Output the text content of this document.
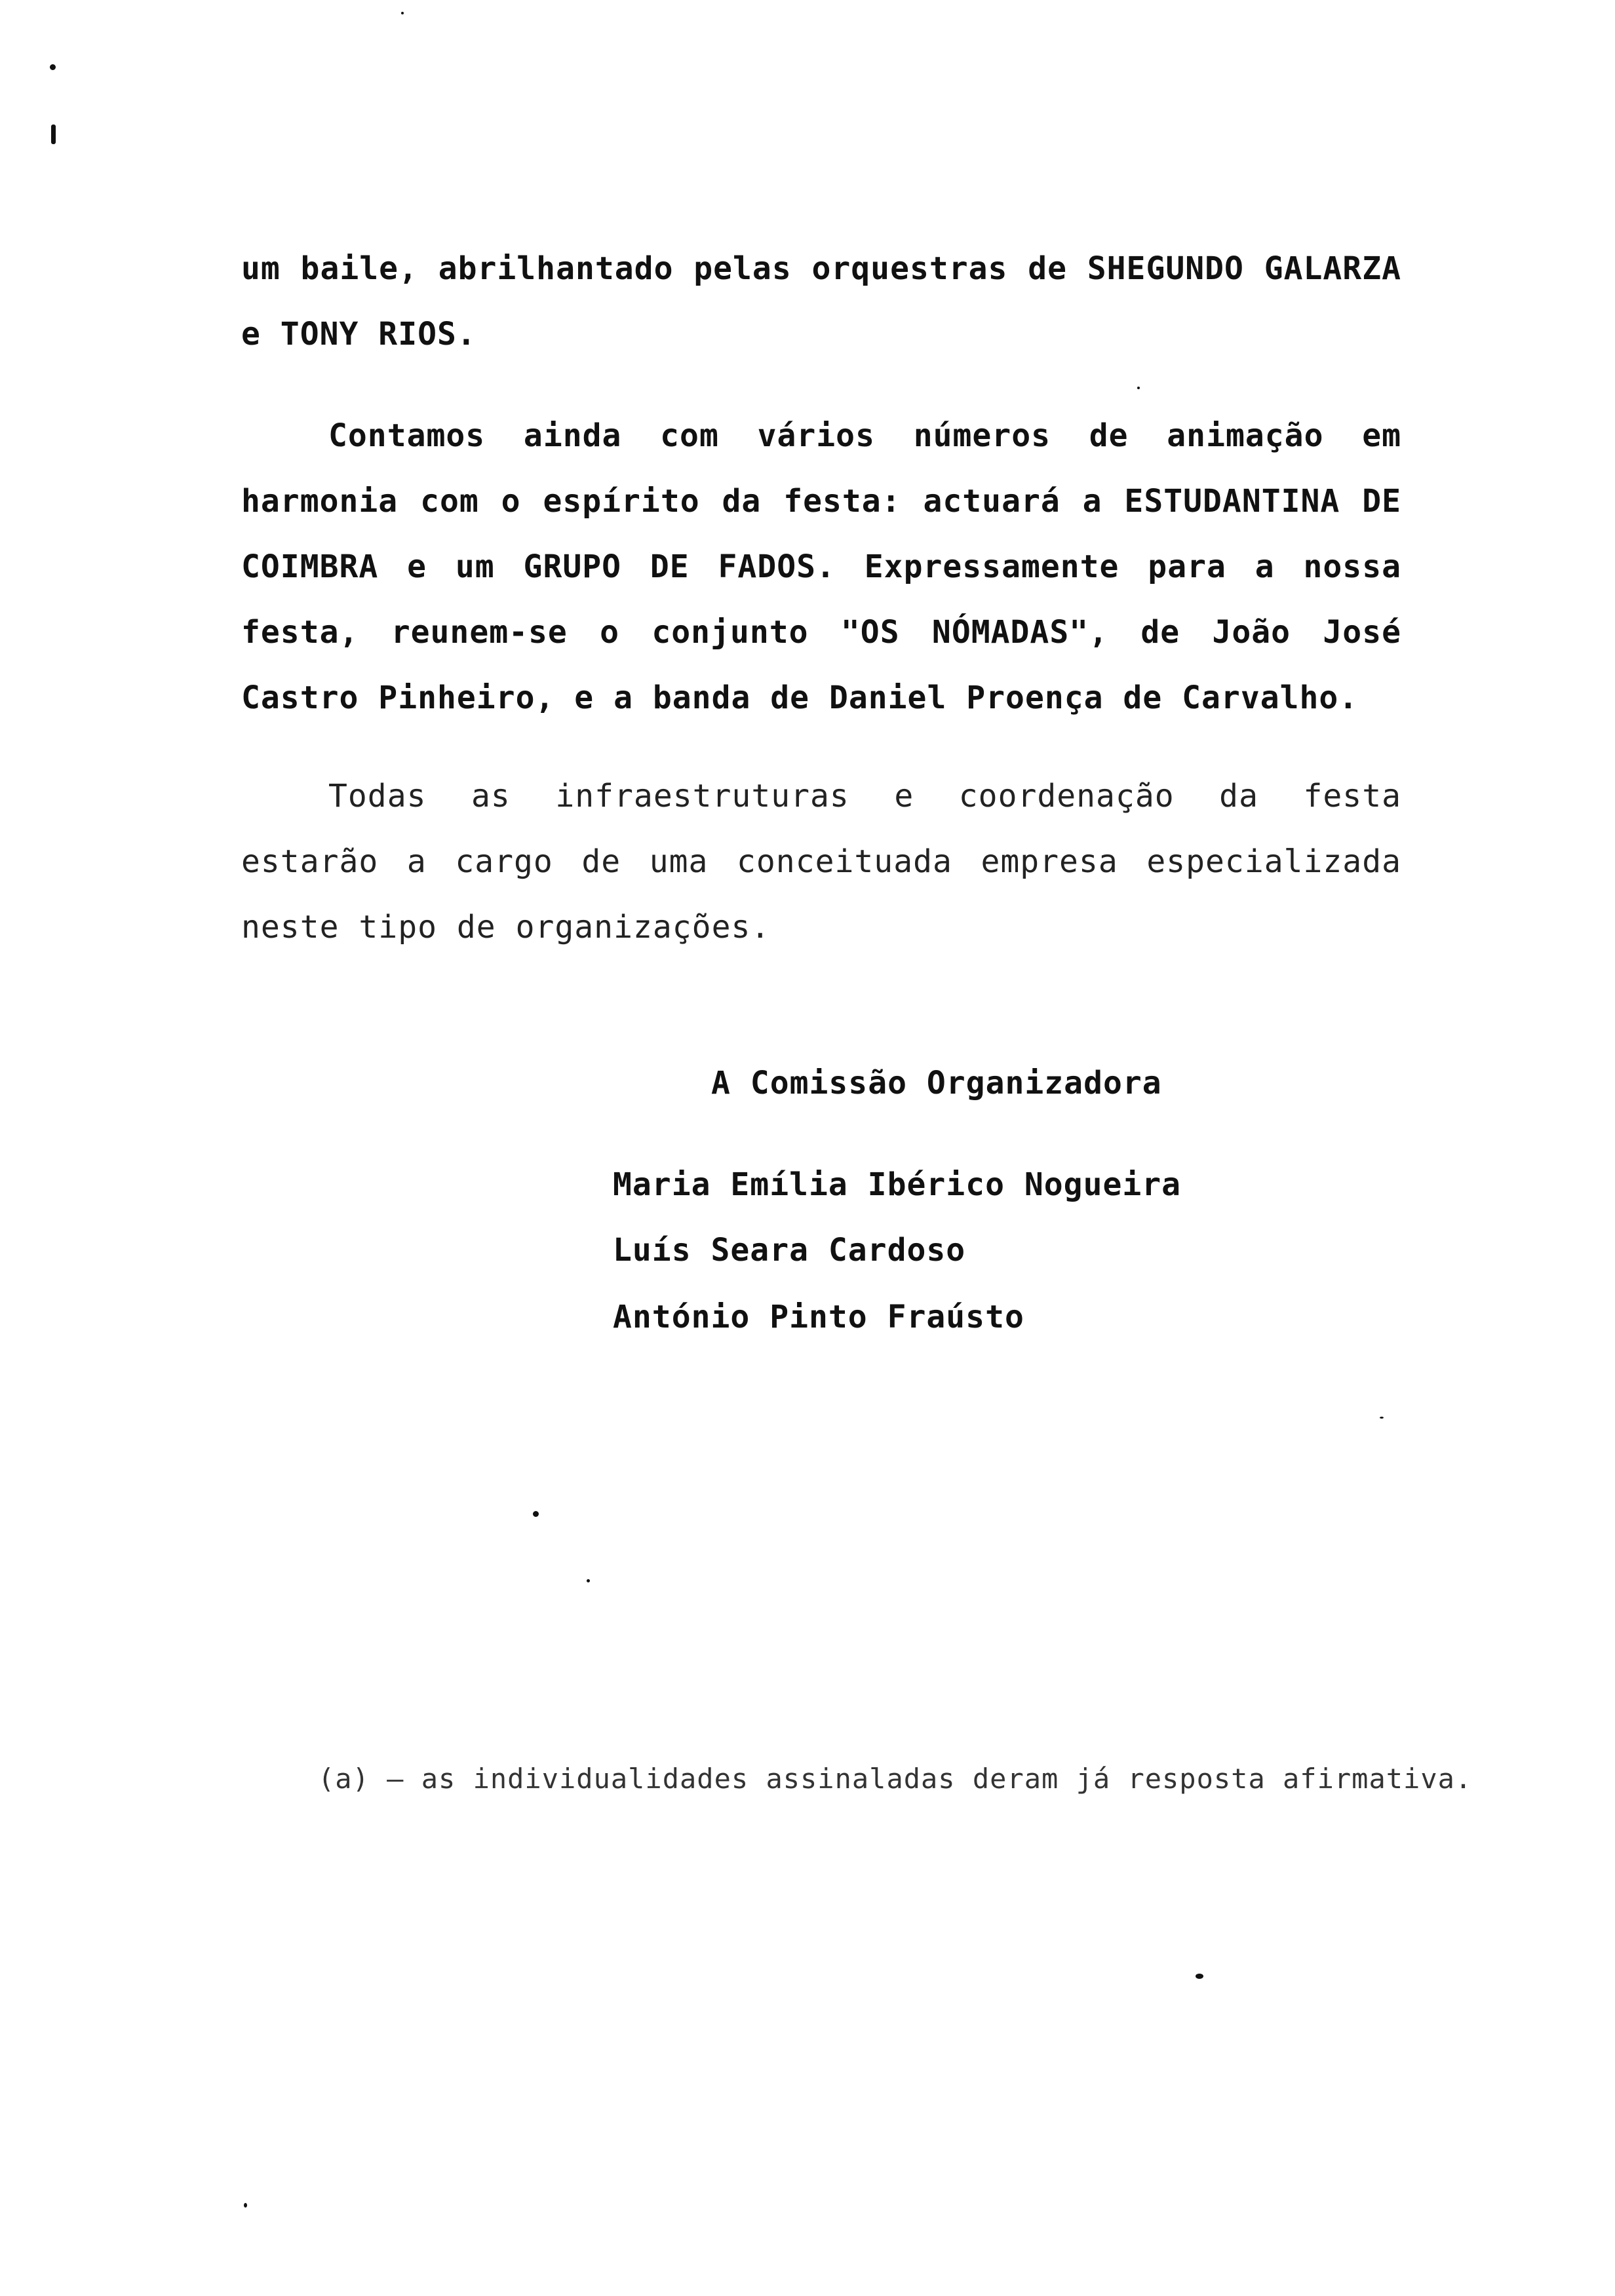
um baile, abrilhantado pelas orquestras de SHEGUNDO GALARZA e TONY RIOS.

Contamos ainda com vários números de animação em harmonia com o espírito da festa: actuará a ESTUDANTINA DE COIMBRA e um GRUPO DE FADOS. Expressamente para a nossa festa, reunem-se o conjunto "OS NÓMADAS", de João José Castro Pinheiro, e a banda de Daniel Proença de Carvalho.

Todas as infraestruturas e coordenação da festa estarão a cargo de uma conceituada empresa especializada neste tipo de organizações.

A Comissão Organizadora
Maria Emília Ibérico Nogueira
Luís Seara Cardoso
António Pinto Fraústo
(a) – as individualidades assinaladas deram já resposta afirmativa.
